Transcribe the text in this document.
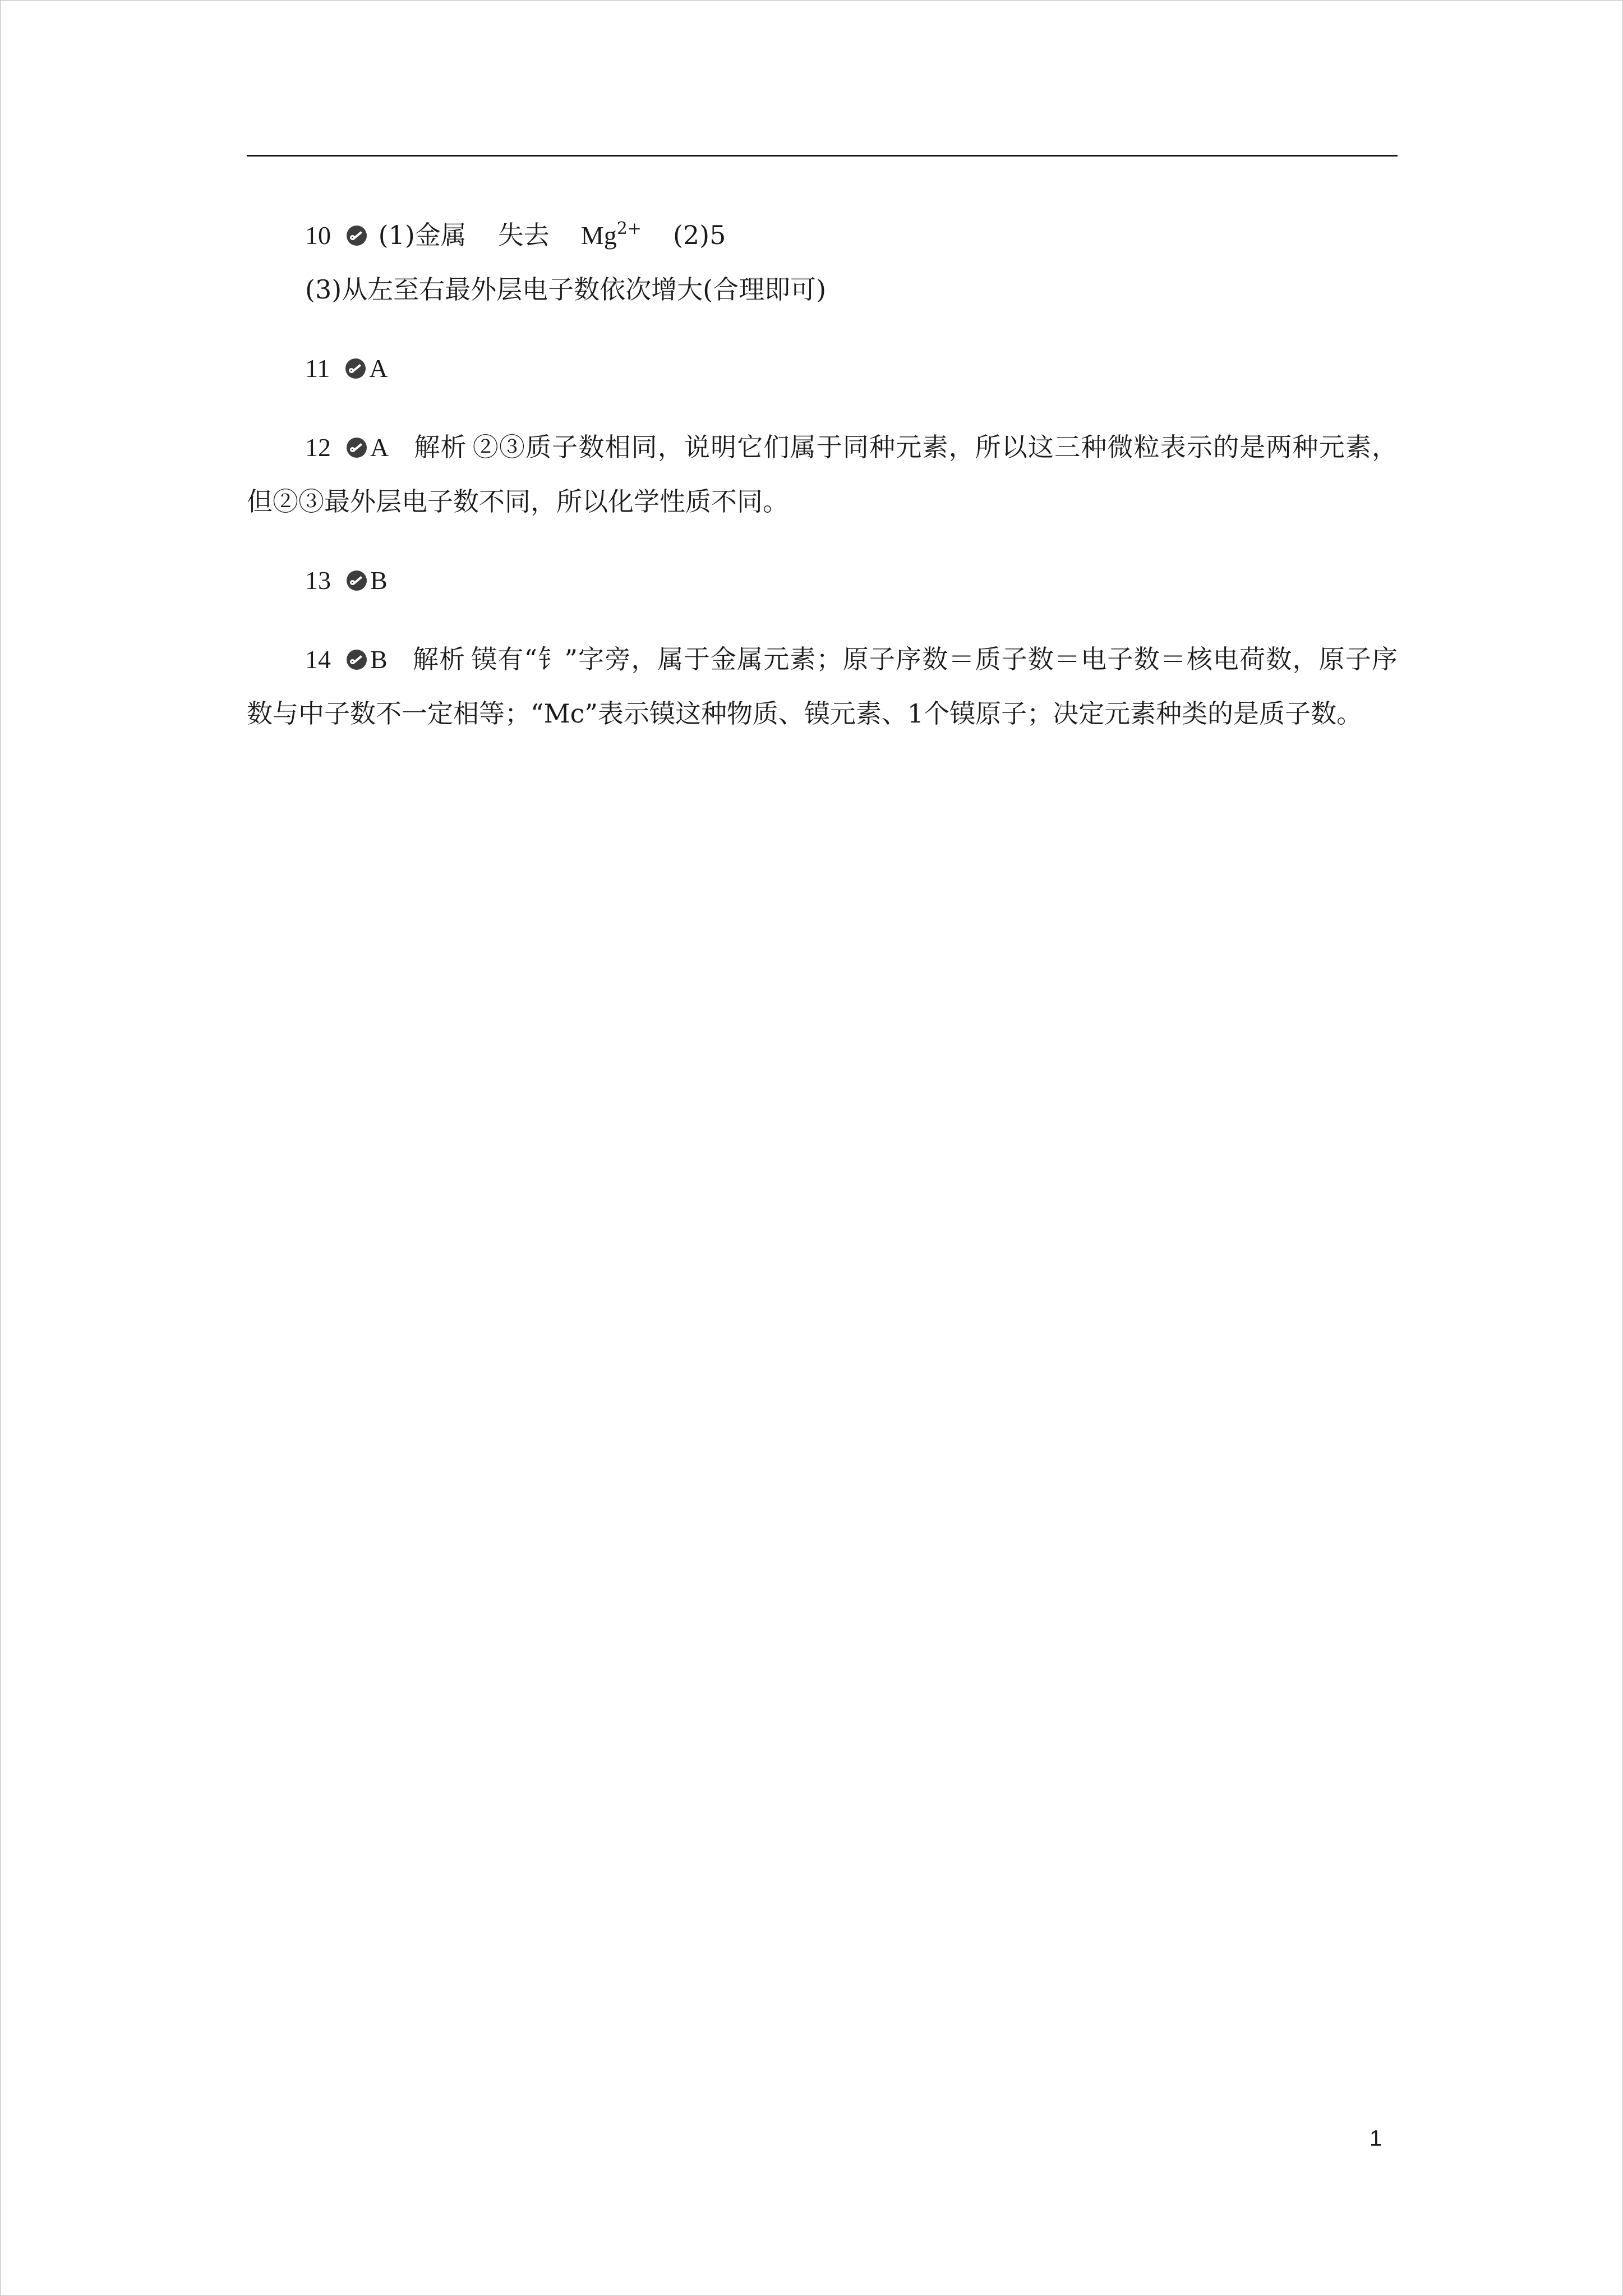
10 (1)金属 失去 $Mg^{2+}$ (2)5
(3)从左至右最外层电子数依次增大(合理即可)
11 A
12 A 解析 ②③质子数相同，说明它们属于同种元素，所以这三种微粒表示的是两种元素，但②③最外层电子数不同，所以化学性质不同。
13 B
14 B 解析 镆有“钅”字旁，属于金属元素；原子序数＝质子数＝电子数＝核电荷数，原子序数与中子数不一定相等；“Mc”表示镆这种物质、镆元素、1个镆原子；决定元素种类的是质子数。
1
